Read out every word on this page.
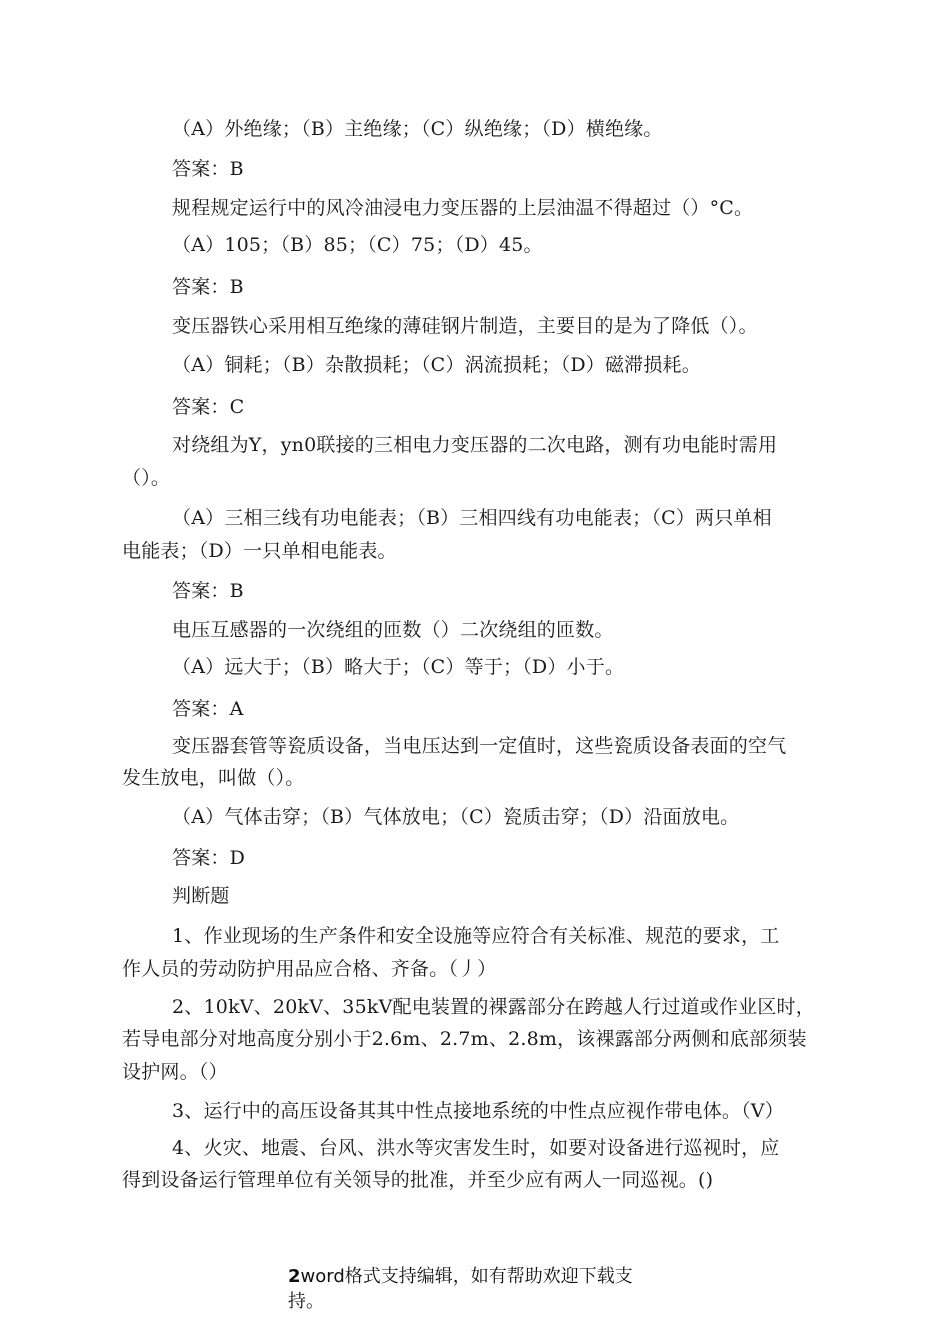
（A）外绝缘；（B）主绝缘；（C）纵绝缘；（D）横绝缘。
答案：B
规程规定运行中的风冷油浸电力变压器的上层油温不得超过（）°C。
（A）105；（B）85；（C）75；（D）45。
答案：B
变压器铁心采用相互绝缘的薄硅钢片制造，主要目的是为了降低（）。
（A）铜耗；（B）杂散损耗；（C）涡流损耗；（D）磁滞损耗。
答案：C
对绕组为Y，yn0联接的三相电力变压器的二次电路，测有功电能时需用
（）。
（A）三相三线有功电能表；（B）三相四线有功电能表；（C）两只单相
电能表；（D）一只单相电能表。
答案：B
电压互感器的一次绕组的匝数（）二次绕组的匝数。
（A）远大于；（B）略大于；（C）等于；（D）小于。
答案：A
变压器套管等瓷质设备，当电压达到一定值时，这些瓷质设备表面的空气
发生放电，叫做（）。
（A）气体击穿；（B）气体放电；（C）瓷质击穿；（D）沿面放电。
答案：D
判断题
1、作业现场的生产条件和安全设施等应符合有关标准、规范的要求，工
作人员的劳动防护用品应合格、齐备。（丿）
2、10kV、20kV、35kV配电装置的裸露部分在跨越人行过道或作业区时，
若导电部分对地高度分别小于2.6m、2.7m、2.8m，该裸露部分两侧和底部须装
设护网。（）
3、运行中的高压设备其其中性点接地系统的中性点应视作带电体。（V）
4、火灾、地震、台风、洪水等灾害发生时，如要对设备进行巡视时，应
得到设备运行管理单位有关领导的批准，并至少应有两人一同巡视。()
2word格式支持编辑，如有帮助欢迎下载支
持。
